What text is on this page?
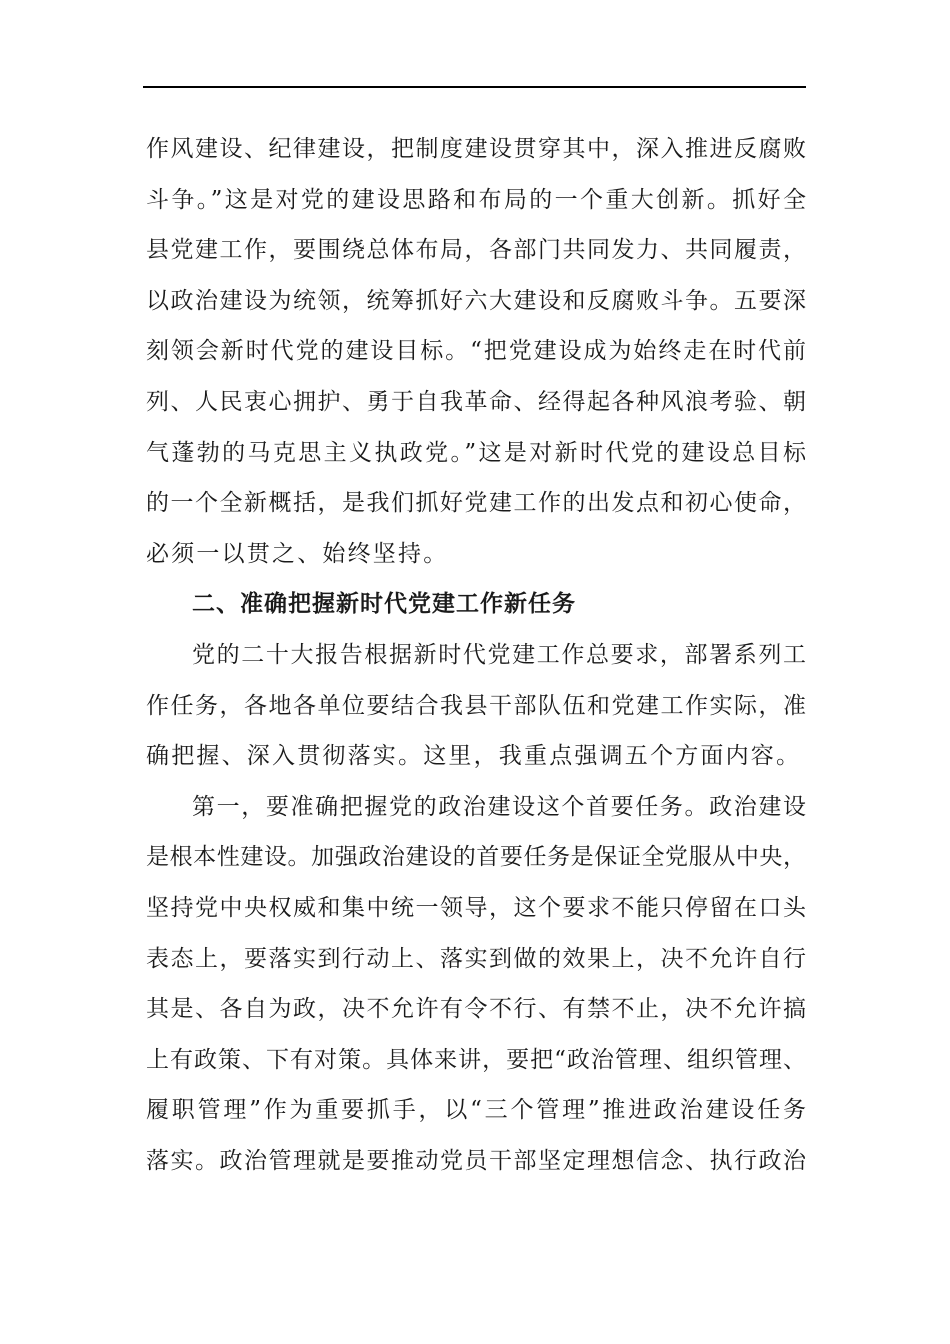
作风建设、纪律建设，把制度建设贯穿其中，深入推进反腐败
斗争。”这是对党的建设思路和布局的一个重大创新。抓好全
县党建工作，要围绕总体布局，各部门共同发力、共同履责，
以政治建设为统领，统筹抓好六大建设和反腐败斗争。五要深
刻领会新时代党的建设目标。“把党建设成为始终走在时代前
列、人民衷心拥护、勇于自我革命、经得起各种风浪考验、朝
气蓬勃的马克思主义执政党。”这是对新时代党的建设总目标
的一个全新概括，是我们抓好党建工作的出发点和初心使命，
必须一以贯之、始终坚持。
二、准确把握新时代党建工作新任务
党的二十大报告根据新时代党建工作总要求，部署系列工
作任务，各地各单位要结合我县干部队伍和党建工作实际，准
确把握、深入贯彻落实。这里，我重点强调五个方面内容。
第一，要准确把握党的政治建设这个首要任务。政治建设
是根本性建设。加强政治建设的首要任务是保证全党服从中央，
坚持党中央权威和集中统一领导，这个要求不能只停留在口头
表态上，要落实到行动上、落实到做的效果上，决不允许自行
其是、各自为政，决不允许有令不行、有禁不止，决不允许搞
上有政策、下有对策。具体来讲，要把“政治管理、组织管理、
履职管理”作为重要抓手，以“三个管理”推进政治建设任务
落实。政治管理就是要推动党员干部坚定理想信念、执行政治
